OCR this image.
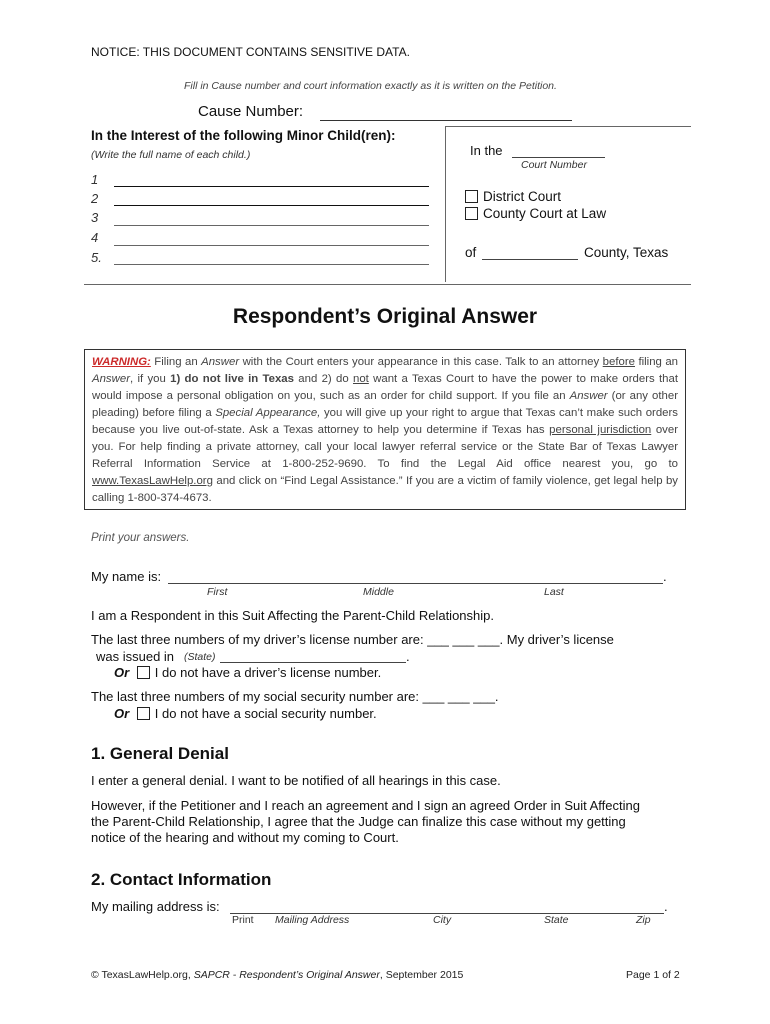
NOTICE: THIS DOCUMENT CONTAINS SENSITIVE DATA.
Fill in Cause number and court information exactly as it is written on the Petition.
Cause Number:
In the Interest of the following Minor Child(ren):
(Write the full name of each child.)
1
2
3
4
5.
In the
Court Number
District Court
County Court at Law
of	County, Texas
Respondent’s Original Answer
WARNING: Filing an Answer with the Court enters your appearance in this case. Talk to an attorney before filing an Answer, if you 1) do not live in Texas and 2) do not want a Texas Court to have the power to make orders that would impose a personal obligation on you, such as an order for child support. If you file an Answer (or any other pleading) before filing a Special Appearance, you will give up your right to argue that Texas can’t make such orders because you live out-of-state. Ask a Texas attorney to help you determine if Texas has personal jurisdiction over you. For help finding a private attorney, call your local lawyer referral service or the State Bar of Texas Lawyer Referral Information Service at 1-800-252-9690. To find the Legal Aid office nearest you, go to www.TexasLawHelp.org and click on “Find Legal Assistance.” If you are a victim of family violence, get legal help by calling 1-800-374-4673.
Print your answers.
My name is:	.
First	Middle	Last
I am a Respondent in this Suit Affecting the Parent-Child Relationship.
The last three numbers of my driver’s license number are: ___ ___ ___. My driver’s license
was issued in (State)	.
Or I do not have a driver’s license number.
The last three numbers of my social security number are: ___ ___ ___.
Or I do not have a social security number.
1. General Denial
I enter a general denial. I want to be notified of all hearings in this case.
However, if the Petitioner and I reach an agreement and I sign an agreed Order in Suit Affecting
the Parent-Child Relationship, I agree that the Judge can finalize this case without my getting
notice of the hearing and without my coming to Court.
2. Contact Information
My mailing address is:	.
Print Mailing Address	City	State	Zip
© TexasLawHelp.org, SAPCR - Respondent’s Original Answer, September 2015	Page 1 of 2
